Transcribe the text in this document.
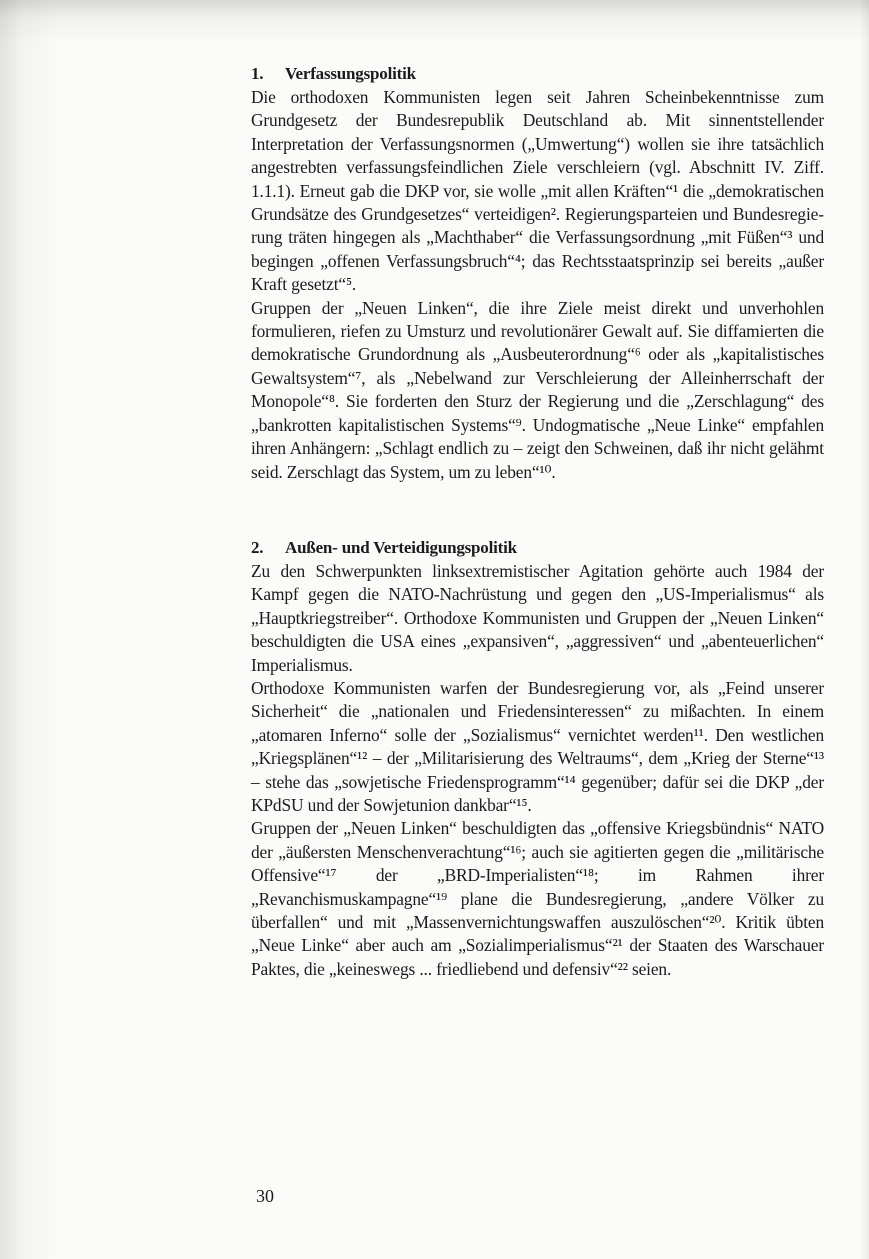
1.	Verfassungspolitik

Die orthodoxen Kommunisten legen seit Jahren Scheinbekenntnisse zum Grundgesetz der Bundesrepublik Deutschland ab. Mit sinnentstellender Interpretation der Verfassungsnormen („Umwertung“) wollen sie ihre tatsächlich angestrebten verfassungsfeindlichen Ziele verschleiern (vgl. Abschnitt IV. Ziff. 1.1.1). Erneut gab die DKP vor, sie wolle „mit allen Kräften“¹ die „demokratischen Grundsätze des Grundgesetzes“ verteidigen². Regierungsparteien und Bundesregierung träten hingegen als „Machthaber“ die Verfassungsordnung „mit Füßen“³ und begingen „offenen Verfassungsbruch“⁴; das Rechtsstaatsprinzip sei bereits „außer Kraft gesetzt“⁵.

Gruppen der „Neuen Linken“, die ihre Ziele meist direkt und unverhohlen formulieren, riefen zu Umsturz und revolutionärer Gewalt auf. Sie diffamierten die demokratische Grundordnung als „Ausbeuterordnung“⁶ oder als „kapitalistisches Gewaltsystem“⁷, als „Nebelwand zur Verschleierung der Alleinherrschaft der Monopole“⁸. Sie forderten den Sturz der Regierung und die „Zerschlagung“ des „bankrotten kapitalistischen Systems“⁹. Undogmatische „Neue Linke“ empfahlen ihren Anhängern: „Schlagt endlich zu – zeigt den Schweinen, daß ihr nicht gelähmt seid. Zerschlagt das System, um zu leben“¹⁰.

2.	Außen- und Verteidigungspolitik

Zu den Schwerpunkten linksextremistischer Agitation gehörte auch 1984 der Kampf gegen die NATO-Nachrüstung und gegen den „US-Imperialismus“ als „Hauptkriegstreiber“. Orthodoxe Kommunisten und Gruppen der „Neuen Linken“ beschuldigten die USA eines „expansiven“, „aggressiven“ und „abenteuerlichen“ Imperialismus.

Orthodoxe Kommunisten warfen der Bundesregierung vor, als „Feind unserer Sicherheit“ die „nationalen und Friedensinteressen“ zu mißachten. In einem „atomaren Inferno“ solle der „Sozialismus“ vernichtet werden¹¹. Den westlichen „Kriegsplänen“¹² – der „Militarisierung des Weltraums“, dem „Krieg der Sterne“¹³ – stehe das „sowjetische Friedensprogramm“¹⁴ gegenüber; dafür sei die DKP „der KPdSU und der Sowjetunion dankbar“¹⁵.

Gruppen der „Neuen Linken“ beschuldigten das „offensive Kriegsbündnis“ NATO der „äußersten Menschenverachtung“¹⁶; auch sie agitierten gegen die „militärische Offensive“¹⁷ der „BRD-Imperialisten“¹⁸; im Rahmen ihrer „Revanchismuskampagne“¹⁹ plane die Bundesregierung, „andere Völker zu überfallen“ und mit „Massenvernichtungswaffen auszulöschen“²⁰. Kritik übten „Neue Linke“ aber auch am „Sozialimperialismus“²¹ der Staaten des Warschauer Paktes, die „keineswegs ... friedliebend und defensiv“²² seien.

30
